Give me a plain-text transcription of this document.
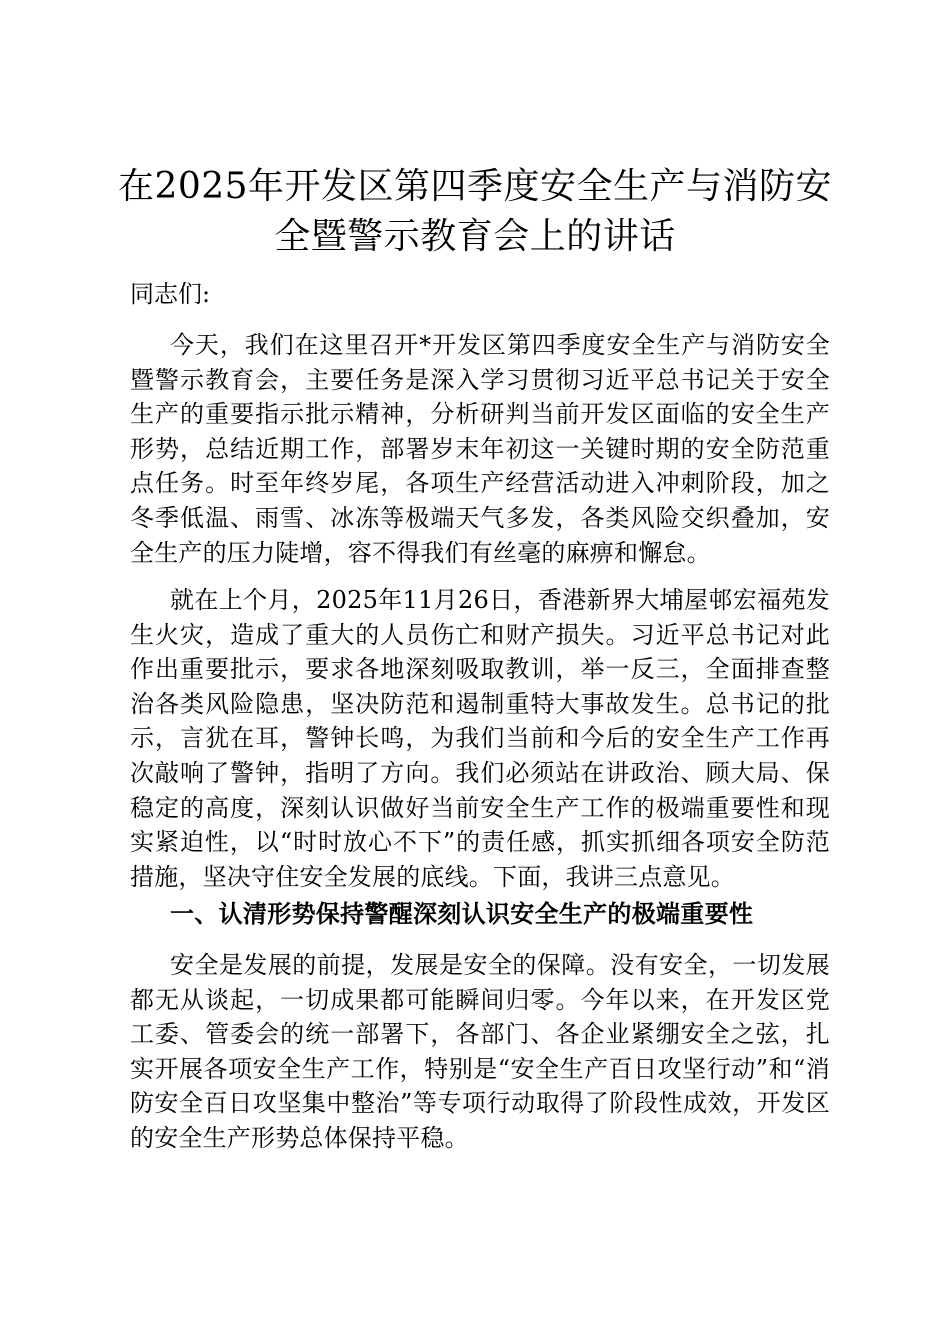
在2025年开发区第四季度安全生产与消防安全暨警示教育会上的讲话

同志们:

今天，我们在这里召开*开发区第四季度安全生产与消防安全暨警示教育会，主要任务是深入学习贯彻习近平总书记关于安全生产的重要指示批示精神，分析研判当前开发区面临的安全生产形势，总结近期工作，部署岁末年初这一关键时期的安全防范重点任务。时至年终岁尾，各项生产经营活动进入冲刺阶段，加之冬季低温、雨雪、冰冻等极端天气多发，各类风险交织叠加，安全生产的压力陡增，容不得我们有丝毫的麻痹和懈怠。

就在上个月，2025年11月26日，香港新界大埔屋邨宏福苑发生火灾，造成了重大的人员伤亡和财产损失。习近平总书记对此作出重要批示，要求各地深刻吸取教训，举一反三，全面排查整治各类风险隐患，坚决防范和遏制重特大事故发生。总书记的批示，言犹在耳，警钟长鸣，为我们当前和今后的安全生产工作再次敲响了警钟，指明了方向。我们必须站在讲政治、顾大局、保稳定的高度，深刻认识做好当前安全生产工作的极端重要性和现实紧迫性，以“时时放心不下”的责任感，抓实抓细各项安全防范措施，坚决守住安全发展的底线。下面，我讲三点意见。

一、认清形势保持警醒深刻认识安全生产的极端重要性

安全是发展的前提，发展是安全的保障。没有安全，一切发展都无从谈起，一切成果都可能瞬间归零。今年以来，在开发区党工委、管委会的统一部署下，各部门、各企业紧绷安全之弦，扎实开展各项安全生产工作，特别是“安全生产百日攻坚行动”和“消防安全百日攻坚集中整治”等专项行动取得了阶段性成效，开发区的安全生产形势总体保持平稳。
